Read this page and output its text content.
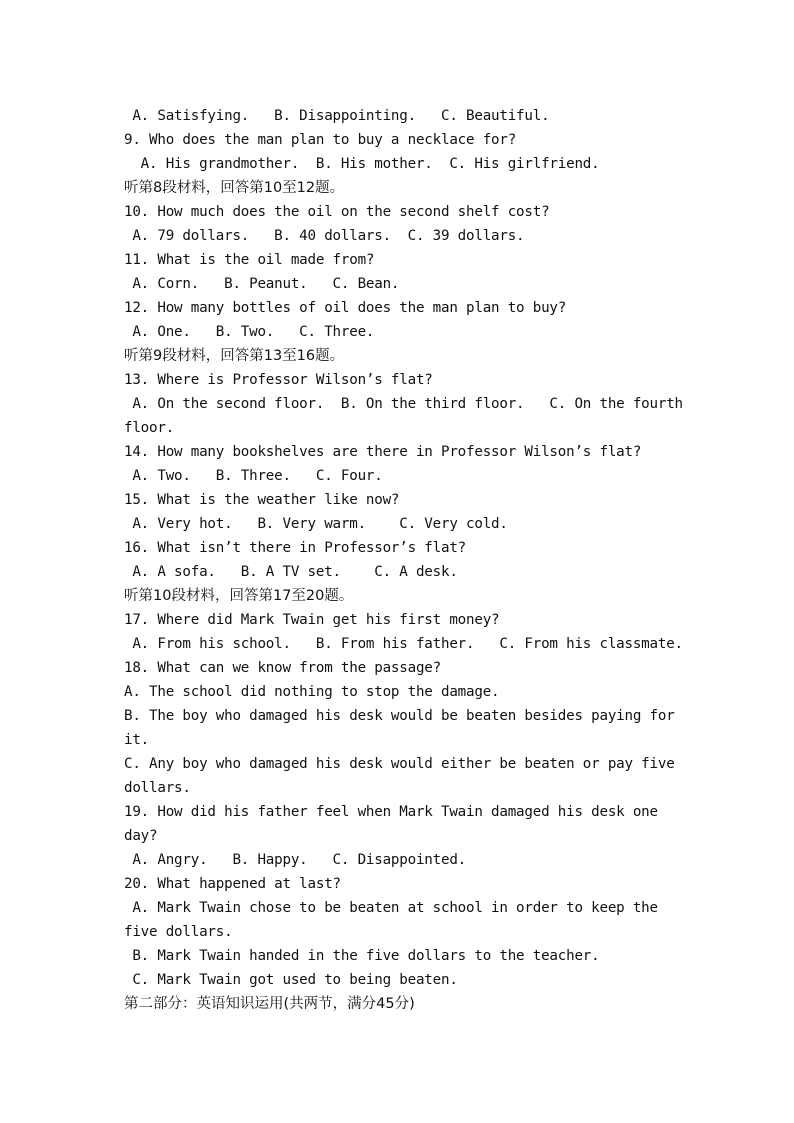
A. Satisfying.   B. Disappointing.   C. Beautiful.
9. Who does the man plan to buy a necklace for?
A. His grandmother.  B. His mother.  C. His girlfriend.
听第8段材料，回答第10至12题。
10. How much does the oil on the second shelf cost?
A. 79 dollars.   B. 40 dollars.  C. 39 dollars.
11. What is the oil made from?
A. Corn.   B. Peanut.   C. Bean.
12. How many bottles of oil does the man plan to buy?
A. One.   B. Two.   C. Three.
听第9段材料，回答第13至16题。
13. Where is Professor Wilson’s flat?
A. On the second floor.  B. On the third floor.   C. On the fourth
floor.
14. How many bookshelves are there in Professor Wilson’s flat?
A. Two.   B. Three.   C. Four.
15. What is the weather like now?
A. Very hot.   B. Very warm.    C. Very cold.
16. What isn’t there in Professor’s flat?
A. A sofa.   B. A TV set.    C. A desk.
听第10段材料，回答第17至20题。
17. Where did Mark Twain get his first money?
A. From his school.   B. From his father.   C. From his classmate.
18. What can we know from the passage?
A. The school did nothing to stop the damage.
B. The boy who damaged his desk would be beaten besides paying for
it.
C. Any boy who damaged his desk would either be beaten or pay five
dollars.
19. How did his father feel when Mark Twain damaged his desk one
day?
A. Angry.   B. Happy.   C. Disappointed.
20. What happened at last?
A. Mark Twain chose to be beaten at school in order to keep the
five dollars.
B. Mark Twain handed in the five dollars to the teacher.
C. Mark Twain got used to being beaten.
第二部分：英语知识运用(共两节，满分45分)
